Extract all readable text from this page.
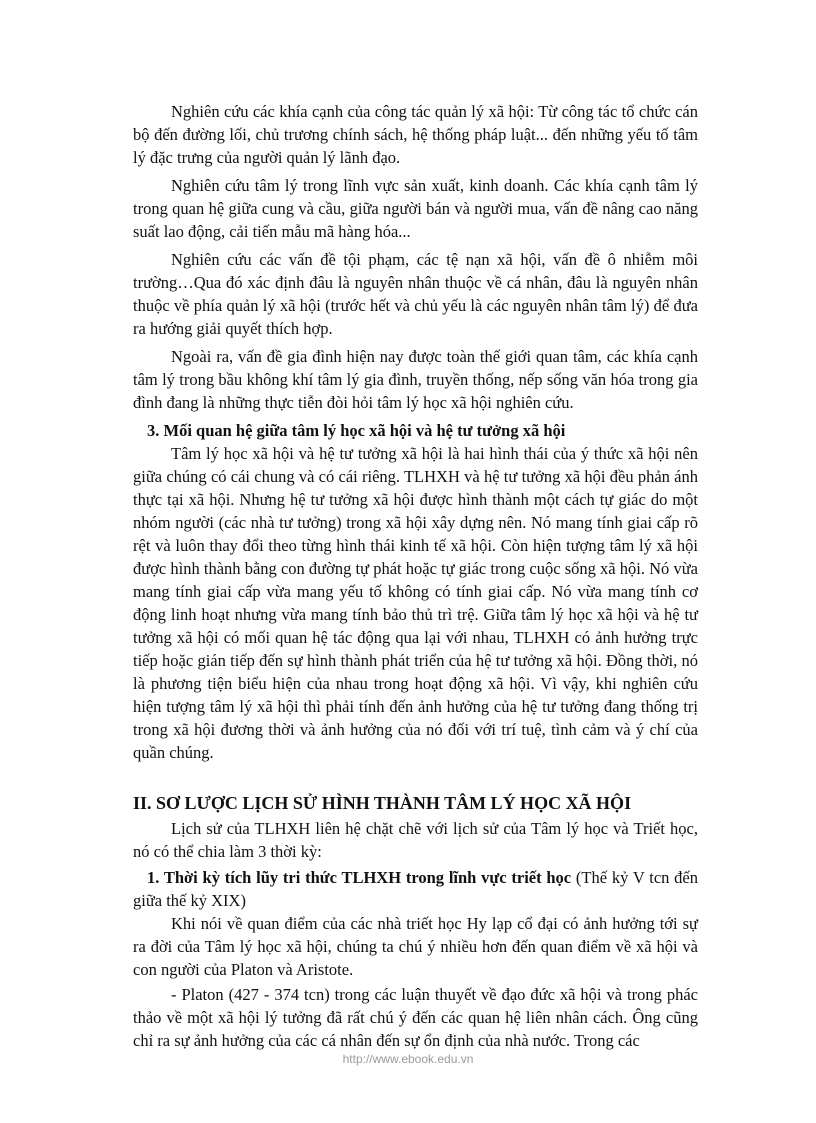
Nghiên cứu các khía cạnh của công tác quản lý xã hội: Từ công tác tổ chức cán bộ đến đường lối, chủ trương chính sách, hệ thống pháp luật... đến những yếu tố tâm lý đặc trưng của người quản lý lãnh đạo.

Nghiên cứu tâm lý trong lĩnh vực sản xuất, kinh doanh. Các khía cạnh tâm lý trong quan hệ giữa cung và cầu, giữa người bán và người mua, vấn đề nâng cao năng suất lao động, cải tiến mẫu mã hàng hóa...

Nghiên cứu các vấn đề tội phạm, các tệ nạn xã hội, vấn đề ô nhiễm môi trường…Qua đó xác định đâu là nguyên nhân thuộc về cá nhân, đâu là nguyên nhân thuộc về phía quản lý xã hội (trước hết và chủ yếu là các nguyên nhân tâm lý) để đưa ra hướng giải quyết thích hợp.

Ngoài ra, vấn đề gia đình hiện nay được toàn thế giới quan tâm, các khía cạnh tâm lý trong bầu không khí tâm lý gia đình, truyền thống, nếp sống văn hóa trong gia đình đang là những thực tiễn đòi hỏi tâm lý học xã hội nghiên cứu.

3. Mối quan hệ giữa tâm lý học xã hội và hệ tư tưởng xã hội

Tâm lý học xã hội và hệ tư tưởng xã hội là hai hình thái của ý thức xã hội nên giữa chúng có cái chung và có cái riêng. TLHXH và hệ tư tưởng xã hội đều phản ánh thực tại xã hội. Nhưng hệ tư tưởng xã hội được hình thành một cách tự giác do một nhóm người (các nhà tư tưởng) trong xã hội xây dựng nên. Nó mang tính giai cấp rõ rệt và luôn thay đổi theo từng hình thái kinh tế xã hội. Còn hiện tượng tâm lý xã hội được hình thành bằng con đường tự phát hoặc tự giác trong cuộc sống xã hội. Nó vừa mang tính giai cấp vừa mang yếu tố không có tính giai cấp. Nó vừa mang tính cơ động linh hoạt nhưng vừa mang tính bảo thủ trì trệ. Giữa tâm lý học xã hội và hệ tư tưởng xã hội có mối quan hệ tác động qua lại với nhau, TLHXH có ảnh hưởng trực tiếp hoặc gián tiếp đến sự hình thành phát triển của hệ tư tưởng xã hội. Đồng thời, nó là phương tiện biểu hiện của nhau trong hoạt động xã hội. Vì vậy, khi nghiên cứu hiện tượng tâm lý xã hội thì phải tính đến ảnh hưởng của hệ tư tưởng đang thống trị trong xã hội đương thời và ảnh hưởng của nó đối với trí tuệ, tình cảm và ý chí của quần chúng.

II. SƠ LƯỢC LỊCH SỬ HÌNH THÀNH TÂM LÝ HỌC XÃ HỘI

Lịch sử của TLHXH liên hệ chặt chẽ với lịch sử của Tâm lý học và Triết học, nó có thể chia làm 3 thời kỳ:

1. Thời kỳ tích lũy tri thức TLHXH trong lĩnh vực triết học (Thế kỷ V tcn đến giữa thế kỷ XIX)

Khi nói về quan điểm của các nhà triết học Hy lạp cổ đại có ảnh hưởng tới sự ra đời của Tâm lý học xã hội, chúng ta chú ý nhiều hơn đến quan điểm về xã hội và con người của Platon và Aristote.

- Platon (427 - 374 tcn) trong các luận thuyết về đạo đức xã hội và trong phác thảo về một xã hội lý tưởng đã rất chú ý đến các quan hệ liên nhân cách. Ông cũng chỉ ra sự ảnh hưởng của các cá nhân đến sự ổn định của nhà nước. Trong các

http://www.ebook.edu.vn
